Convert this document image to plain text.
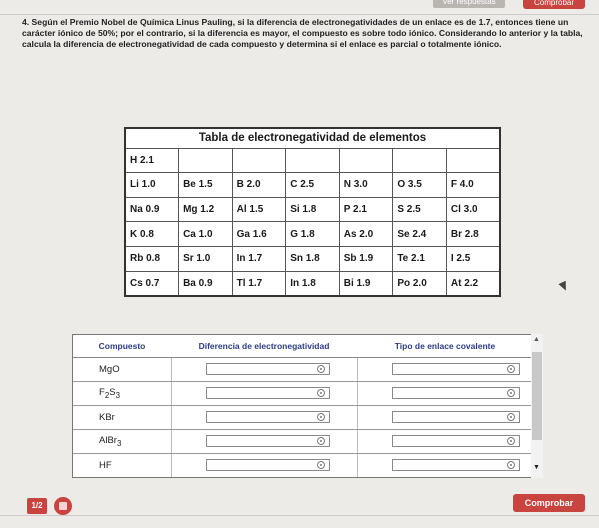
Ver respuestas	Comprobar
4. Según el Premio Nobel de Química Linus Pauling, si la diferencia de electronegatividades de un enlace es de 1.7, entonces tiene un carácter iónico de 50%; por el contrario, si la diferencia es mayor, el compuesto es sobre todo iónico. Considerando lo anterior y la tabla, calcula la diferencia de electronegatividad de cada compuesto y determina si el enlace es parcial o totalmente iónico.
Tabla de electronegatividad de elementos						
H 2.1						
Li 1.0	Be 1.5	B 2.0	C 2.5	N 3.0	O 3.5	F 4.0
Na 0.9	Mg 1.2	Al 1.5	Si 1.8	P 2.1	S 2.5	Cl 3.0
K 0.8	Ca 1.0	Ga 1.6	G 1.8	As 2.0	Se 2.4	Br 2.8
Rb 0.8	Sr 1.0	In 1.7	Sn 1.8	Sb 1.9	Te 2.1	I 2.5
Cs 0.7	Ba 0.9	Tl 1.7	In 1.8	Bi 1.9	Po 2.0	At 2.2
Compuesto	Diferencia de electronegatividad	Tipo de enlace covalente
MgO	

$F_2S_3$	

KBr	

AlBr$_3$	

HF	

▲
▼
1/2	Comprobar
